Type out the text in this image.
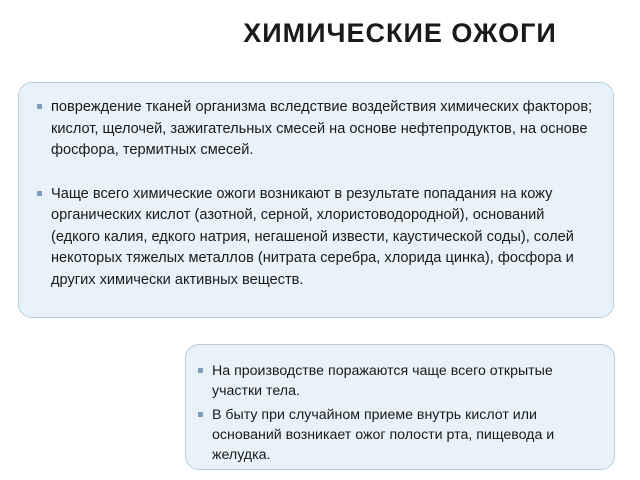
ХИМИЧЕСКИЕ ОЖОГИ
повреждение тканей организма вследствие воздействия химических факторов; кислот, щелочей, зажигательных смесей на основе нефтепродуктов, на основе фосфора, термитных смесей.
Чаще всего химические ожоги возникают в результате попадания на кожу органических кислот (азотной, серной, хлористоводородной), оснований (едкого калия, едкого натрия, негашеной извести, каустической соды), солей некоторых тяжелых металлов (нитрата серебра, хлорида цинка), фосфора и других химически активных веществ.
На производстве поражаются чаще всего открытые участки тела.
В быту при случайном приеме внутрь кислот или оснований возникает ожог полости рта, пищевода и желудка.
